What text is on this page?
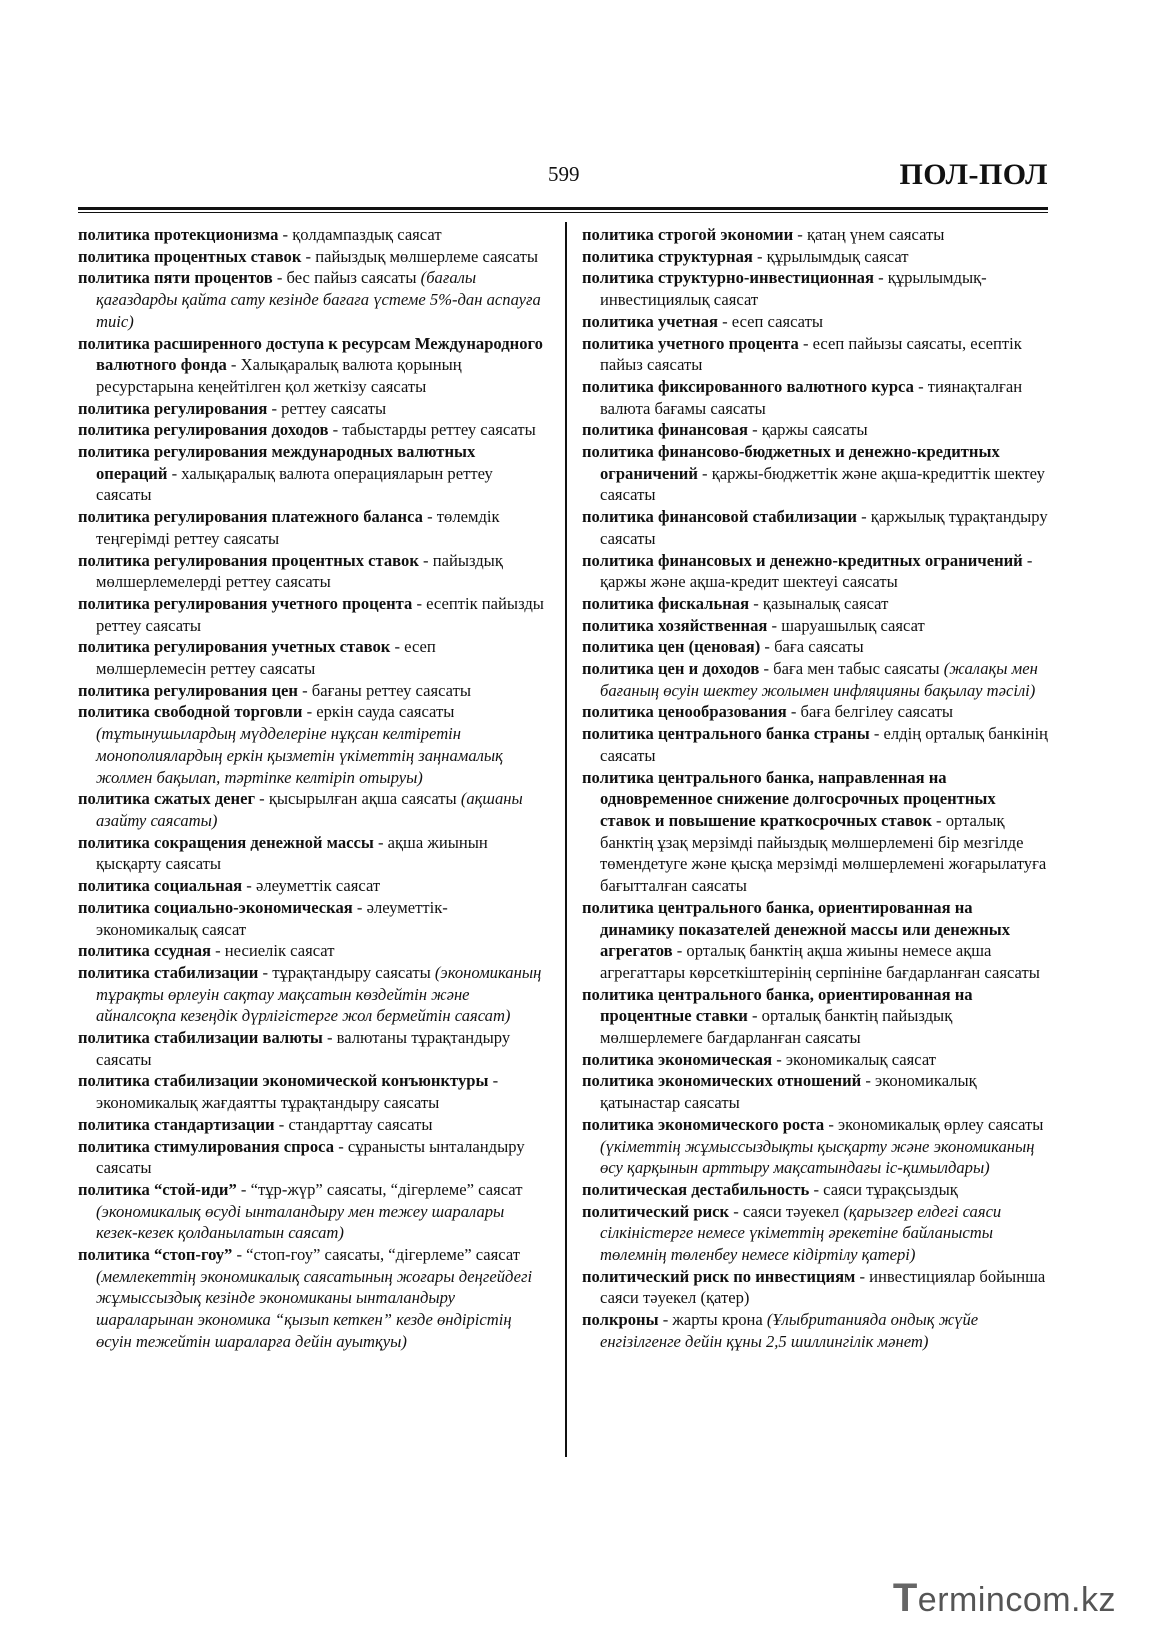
599	ПОЛ-ПОЛ

политика протекционизма - қолдампаздық саясат

политика процентных ставок - пайыздық мөлшерлеме саясаты

политика пяти процентов - бес пайыз саясаты (бағалы қағаздарды қайта сату кезінде бағаға үстеме 5%-дан аспауға тиіс)

политика расширенного доступа к ресурсам Международного валютного фонда - Халықаралық валюта қорының ресурстарына кеңейтілген қол жеткізу саясаты

политика регулирования - реттеу саясаты

политика регулирования доходов - табыстарды реттеу саясаты

политика регулирования международных валютных операций - халықаралық валюта операцияларын реттеу саясаты

политика регулирования платежного баланса - төлемдік теңгерімді реттеу саясаты

политика регулирования процентных ставок - пайыздық мөлшерлемелерді реттеу саясаты

политика регулирования учетного процента - есептік пайызды реттеу саясаты

политика регулирования учетных ставок - есеп мөлшерлемесін реттеу саясаты

политика регулирования цен - бағаны реттеу саясаты

политика свободной торговли - еркін сауда саясаты (тұтынушылардың мүдделеріне нұқсан келтіретін монополиялардың еркін қызметін үкіметтің заңнамалық жолмен бақылап, тәртіпке келтіріп отыруы)

политика сжатых денег - қысырылған ақша саясаты (ақшаны азайту саясаты)

политика сокращения денежной массы - ақша жиынын қысқарту саясаты

политика социальная - әлеуметтік саясат

политика социально-экономическая - әлеуметтік-экономикалық саясат

политика ссудная - несиелік саясат

политика стабилизации - тұрақтандыру саясаты (экономиканың тұрақты өрлеуін сақтау мақсатын көздейтін және айналсоқпа кезеңдік дүрлігістерге жол бермейтін саясат)

политика стабилизации валюты - валютаны тұрақтандыру саясаты

политика стабилизации экономической конъюнктуры - экономикалық жағдаятты тұрақтандыру саясаты

политика стандартизации - стандарттау саясаты

политика стимулирования спроса - сұранысты ынталандыру саясаты

политика “стой-иди” - “тұр-жүр” саясаты, “дігерлеме” саясат (экономикалық өсуді ынталандыру мен тежеу шаралары кезек-кезек қолданылатын саясат)

политика “стоп-гоу” - “стоп-гоу” саясаты, “дігерлеме” саясат (мемлекеттің экономикалық саясатының жоғары деңгейдегі жұмыссыздық кезінде экономиканы ынталандыру шараларынан экономика “қызып кеткен” кезде өндірістің өсуін тежейтін шараларға дейін ауытқуы)

политика строгой экономии - қатаң үнем саясаты

политика структурная - құрылымдық саясат

политика структурно-инвестиционная - құрылымдық-инвестициялық саясат

политика учетная - есеп саясаты

политика учетного процента - есеп пайызы саясаты, есептік пайыз саясаты

политика фиксированного валютного курса - тиянақталған валюта бағамы саясаты

политика финансовая - қаржы саясаты

политика финансово-бюджетных и денежно-кредитных ограничений - қаржы-бюджеттік және ақша-кредиттік шектеу саясаты

политика финансовой стабилизации - қаржылық тұрақтандыру саясаты

политика финансовых и денежно-кредитных ограничений - қаржы және ақша-кредит шектеуі саясаты

политика фискальная - қазыналық саясат

политика хозяйственная - шаруашылық саясат

политика цен (ценовая) - баға саясаты

политика цен и доходов - баға мен табыс саясаты (жалақы мен бағаның өсуін шектеу жолымен инфляцияны бақылау тәсілі)

политика ценообразования - баға белгілеу саясаты

политика центрального банка страны - елдің орталық банкінің саясаты

политика центрального банка, направленная на одновременное снижение долгосрочных процентных ставок и повышение краткосрочных ставок - орталық банктің ұзақ мерзімді пайыздық мөлшерлемені бір мезгілде төмендетуге және қысқа мерзімді мөлшерлемені жоғарылатуға бағытталған саясаты

политика центрального банка, ориентированная на динамику показателей денежной массы или денежных агрегатов - орталық банктің ақша жиыны немесе ақша агрегаттары көрсеткіштерінің серпініне бағдарланған саясаты

политика центрального банка, ориентированная на процентные ставки - орталық банктің пайыздық мөлшерлемеге бағдарланған саясаты

политика экономическая - экономикалық саясат

политика экономических отношений - экономикалық қатынастар саясаты

политика экономического роста - экономикалық өрлеу саясаты (үкіметтің жұмыссыздықты қысқарту және экономиканың өсу қарқынын арттыру мақсатындағы іс-қимылдары)

политическая дестабильность - саяси тұрақсыздық

политический риск - саяси тәуекел (қарызгер елдегі саяси сілкіністерге немесе үкіметтің әрекетіне байланысты төлемнің төленбеу немесе кідіртілу қатері)

политический риск по инвестициям - инвестициялар бойынша саяси тәуекел (қатер)

полкроны - жарты крона (Ұлыбританияда ондық жүйе енгізілгенге дейін құны 2,5 шиллингілік мәнет)

Termincom.kz
